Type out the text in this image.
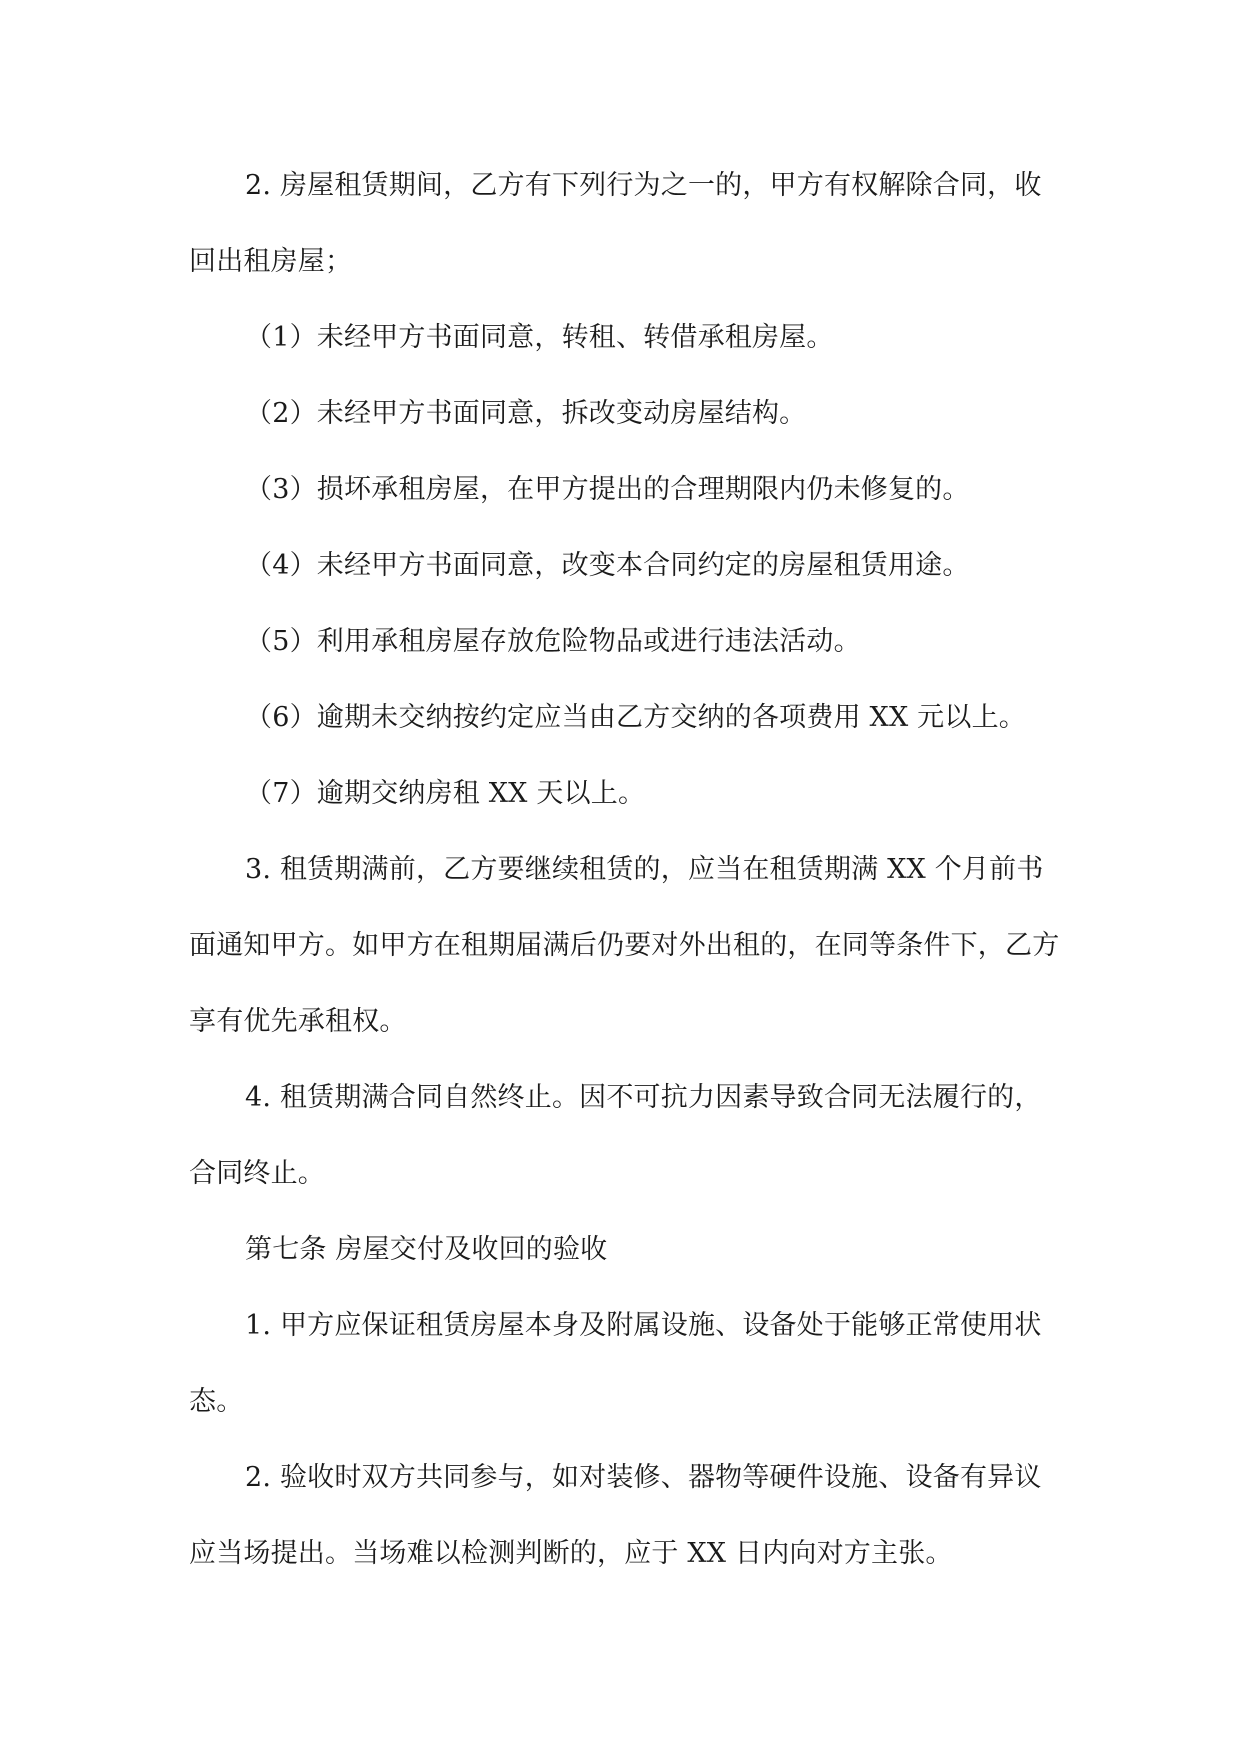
2. 房屋租赁期间，乙方有下列行为之一的，甲方有权解除合同，收回出租房屋；

（1）未经甲方书面同意，转租、转借承租房屋。

（2）未经甲方书面同意，拆改变动房屋结构。

（3）损坏承租房屋，在甲方提出的合理期限内仍未修复的。

（4）未经甲方书面同意，改变本合同约定的房屋租赁用途。

（5）利用承租房屋存放危险物品或进行违法活动。

（6）逾期未交纳按约定应当由乙方交纳的各项费用 XX 元以上。

（7）逾期交纳房租 XX 天以上。

3. 租赁期满前，乙方要继续租赁的，应当在租赁期满 XX 个月前书面通知甲方。如甲方在租期届满后仍要对外出租的，在同等条件下，乙方享有优先承租权。

4. 租赁期满合同自然终止。因不可抗力因素导致合同无法履行的，合同终止。

第七条 房屋交付及收回的验收

1. 甲方应保证租赁房屋本身及附属设施、设备处于能够正常使用状态。

2. 验收时双方共同参与，如对装修、器物等硬件设施、设备有异议应当场提出。当场难以检测判断的，应于 XX 日内向对方主张。
